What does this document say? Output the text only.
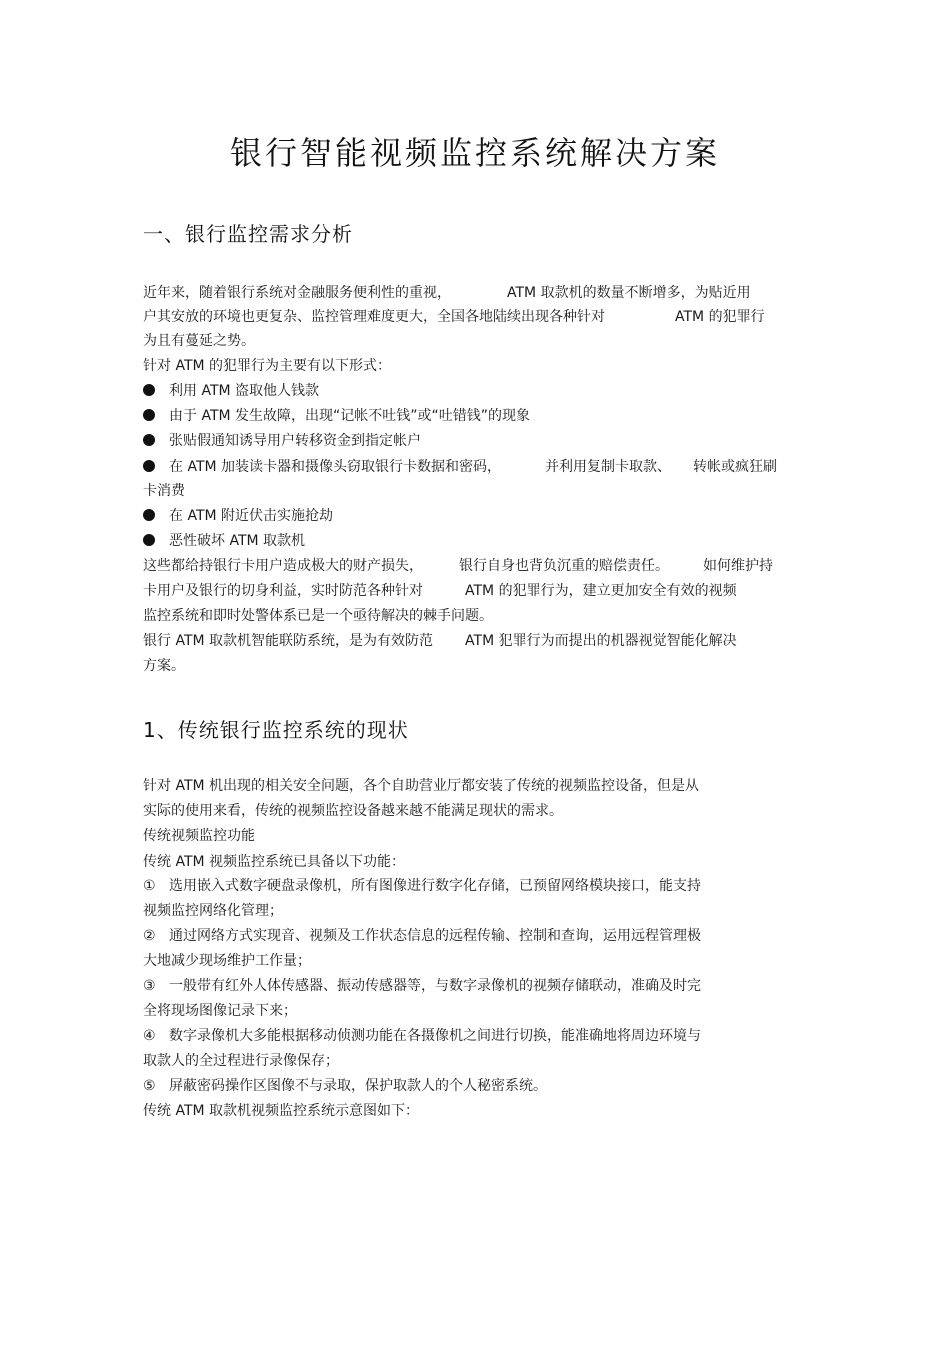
银行智能视频监控系统解决方案
一、银行监控需求分析
近年来，随着银行系统对金融服务便利性的重视，	ATM 取款机的数量不断增多，为贴近用
户其安放的环境也更复杂、监控管理难度更大，全国各地陆续出现各种针对	ATM 的犯罪行
为且有蔓延之势。
针对 ATM 的犯罪行为主要有以下形式：
利用 ATM 盗取他人钱款
由于 ATM 发生故障，出现“记帐不吐钱”或“吐错钱”的现象
张贴假通知诱导用户转移资金到指定帐户
在 ATM 加装读卡器和摄像头窃取银行卡数据和密码，	并利用复制卡取款、 转帐或疯狂刷
卡消费
在 ATM 附近伏击实施抢劫
恶性破坏 ATM 取款机
这些都给持银行卡用户造成极大的财产损失，	银行自身也背负沉重的赔偿责任。 如何维护持
卡用户及银行的切身利益，实时防范各种针对	ATM 的犯罪行为，建立更加安全有效的视频
监控系统和即时处警体系已是一个亟待解决的棘手问题。
银行 ATM 取款机智能联防系统，是为有效防范 ATM 犯罪行为而提出的机器视觉智能化解决
方案。
1、传统银行监控系统的现状
针对 ATM 机出现的相关安全问题，各个自助营业厅都安装了传统的视频监控设备，但是从
实际的使用来看，传统的视频监控设备越来越不能满足现状的需求。
传统视频监控功能
传统 ATM 视频监控系统已具备以下功能：
① 选用嵌入式数字硬盘录像机，所有图像进行数字化存储，已预留网络模块接口，能支持
视频监控网络化管理；
② 通过网络方式实现音、视频及工作状态信息的远程传输、控制和查询，运用远程管理极
大地减少现场维护工作量；
③ 一般带有红外人体传感器、振动传感器等，与数字录像机的视频存储联动，准确及时完
全将现场图像记录下来；
④ 数字录像机大多能根据移动侦测功能在各摄像机之间进行切换，能准确地将周边环境与
取款人的全过程进行录像保存；
⑤ 屏蔽密码操作区图像不与录取，保护取款人的个人秘密系统。
传统 ATM 取款机视频监控系统示意图如下：
